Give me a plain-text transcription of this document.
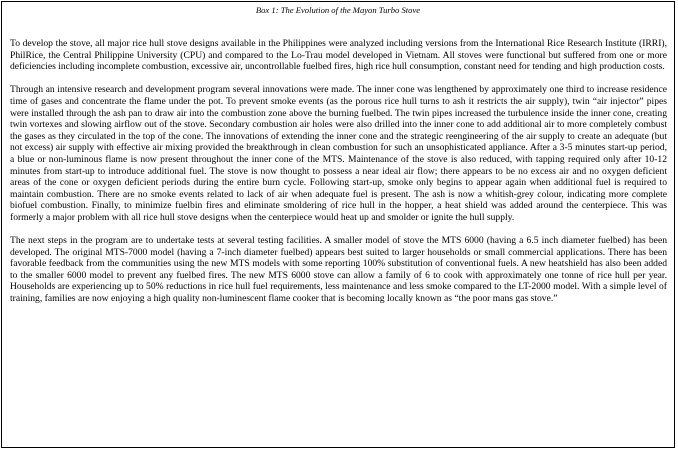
Box 1: The Evolution of the Mayon Turbo Stove

To develop the stove, all major rice hull stove designs available in the Philippines were analyzed including versions from the International Rice Research Institute (IRRI), PhilRice, the Central Philippine University (CPU) and compared to the Lo-Trau model developed in Vietnam. All stoves were functional but suffered from one or more deficiencies including incomplete combustion, excessive air, uncontrollable fuelbed fires, high rice hull consumption, constant need for tending and high production costs.

Through an intensive research and development program several innovations were made. The inner cone was lengthened by approximately one third to increase residence time of gases and concentrate the flame under the pot. To prevent smoke events (as the porous rice hull turns to ash it restricts the air supply), twin “air injector” pipes were installed through the ash pan to draw air into the combustion zone above the burning fuelbed. The twin pipes increased the turbulence inside the inner cone, creating twin vortexes and slowing airflow out of the stove. Secondary combustion air holes were also drilled into the inner cone to add additional air to more completely combust the gases as they circulated in the top of the cone. The innovations of extending the inner cone and the strategic reengineering of the air supply to create an adequate (but not excess) air supply with effective air mixing provided the breakthrough in clean combustion for such an unsophisticated appliance. After a 3-5 minutes start-up period, a blue or non-luminous flame is now present throughout the inner cone of the MTS. Maintenance of the stove is also reduced, with tapping required only after 10-12 minutes from start-up to introduce additional fuel. The stove is now thought to possess a near ideal air flow; there appears to be no excess air and no oxygen deficient areas of the cone or oxygen deficient periods during the entire burn cycle. Following start-up, smoke only begins to appear again when additional fuel is required to maintain combustion. There are no smoke events related to lack of air when adequate fuel is present. The ash is now a whitish-grey colour, indicating more complete biofuel combustion. Finally, to minimize fuelbin fires and eliminate smoldering of rice hull in the hopper, a heat shield was added around the centerpiece. This was formerly a major problem with all rice hull stove designs when the centerpiece would heat up and smolder or ignite the hull supply.

The next steps in the program are to undertake tests at several testing facilities. A smaller model of stove the MTS 6000 (having a 6.5 inch diameter fuelbed) has been developed. The original MTS-7000 model (having a 7-inch diameter fuelbed) appears best suited to larger households or small commercial applications. There has been favorable feedback from the communities using the new MTS models with some reporting 100% substitution of conventional fuels. A new heatshield has also been added to the smaller 6000 model to prevent any fuelbed fires. The new MTS 6000 stove can allow a family of 6 to cook with approximately one tonne of rice hull per year. Households are experiencing up to 50% reductions in rice hull fuel requirements, less maintenance and less smoke compared to the LT-2000 model. With a simple level of training, families are now enjoying a high quality non-luminescent flame cooker that is becoming locally known as “the poor mans gas stove.”
